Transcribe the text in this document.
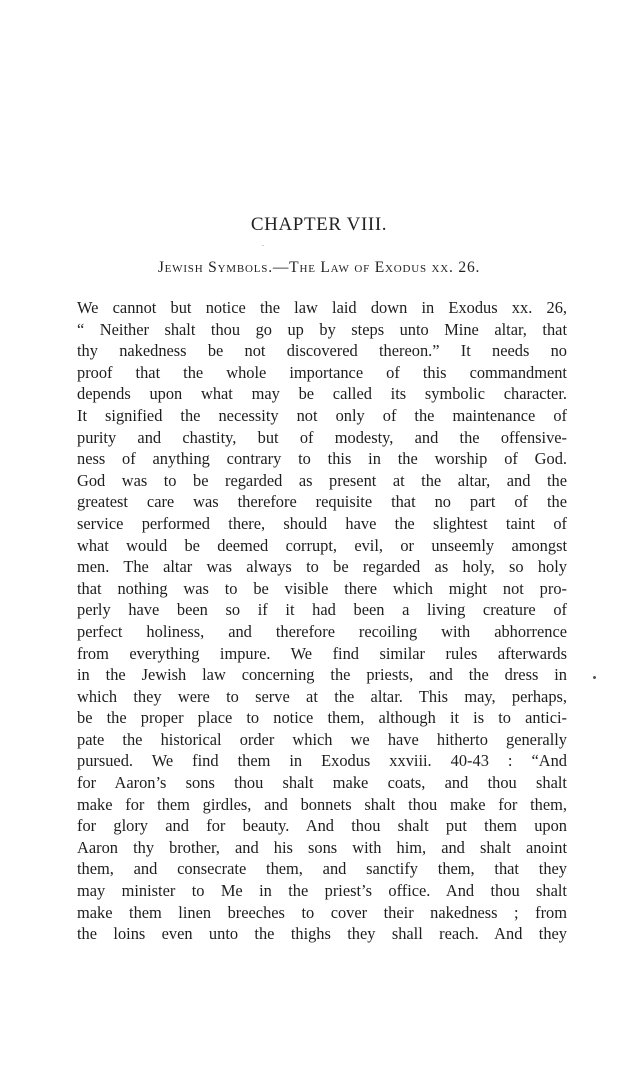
CHAPTER VIII.
Jewish Symbols.—The Law of Exodus xx. 26.
We cannot but notice the law laid down in Exodus xx. 26,
“ Neither shalt thou go up by steps unto Mine altar, that
thy nakedness be not discovered thereon.” It needs no
proof that the whole importance of this commandment
depends upon what may be called its symbolic character.
It signified the necessity not only of the maintenance of
purity and chastity, but of modesty, and the offensive-
ness of anything contrary to this in the worship of God.
God was to be regarded as present at the altar, and the
greatest care was therefore requisite that no part of the
service performed there, should have the slightest taint of
what would be deemed corrupt, evil, or unseemly amongst
men. The altar was always to be regarded as holy, so holy
that nothing was to be visible there which might not pro-
perly have been so if it had been a living creature of
perfect holiness, and therefore recoiling with abhorrence
from everything impure. We find similar rules afterwards
in the Jewish law concerning the priests, and the dress in
which they were to serve at the altar. This may, perhaps,
be the proper place to notice them, although it is to antici-
pate the historical order which we have hitherto generally
pursued. We find them in Exodus xxviii. 40-43 : “And
for Aaron’s sons thou shalt make coats, and thou shalt
make for them girdles, and bonnets shalt thou make for them,
for glory and for beauty. And thou shalt put them upon
Aaron thy brother, and his sons with him, and shalt anoint
them, and consecrate them, and sanctify them, that they
may minister to Me in the priest’s office. And thou shalt
make them linen breeches to cover their nakedness ; from
the loins even unto the thighs they shall reach. And they
